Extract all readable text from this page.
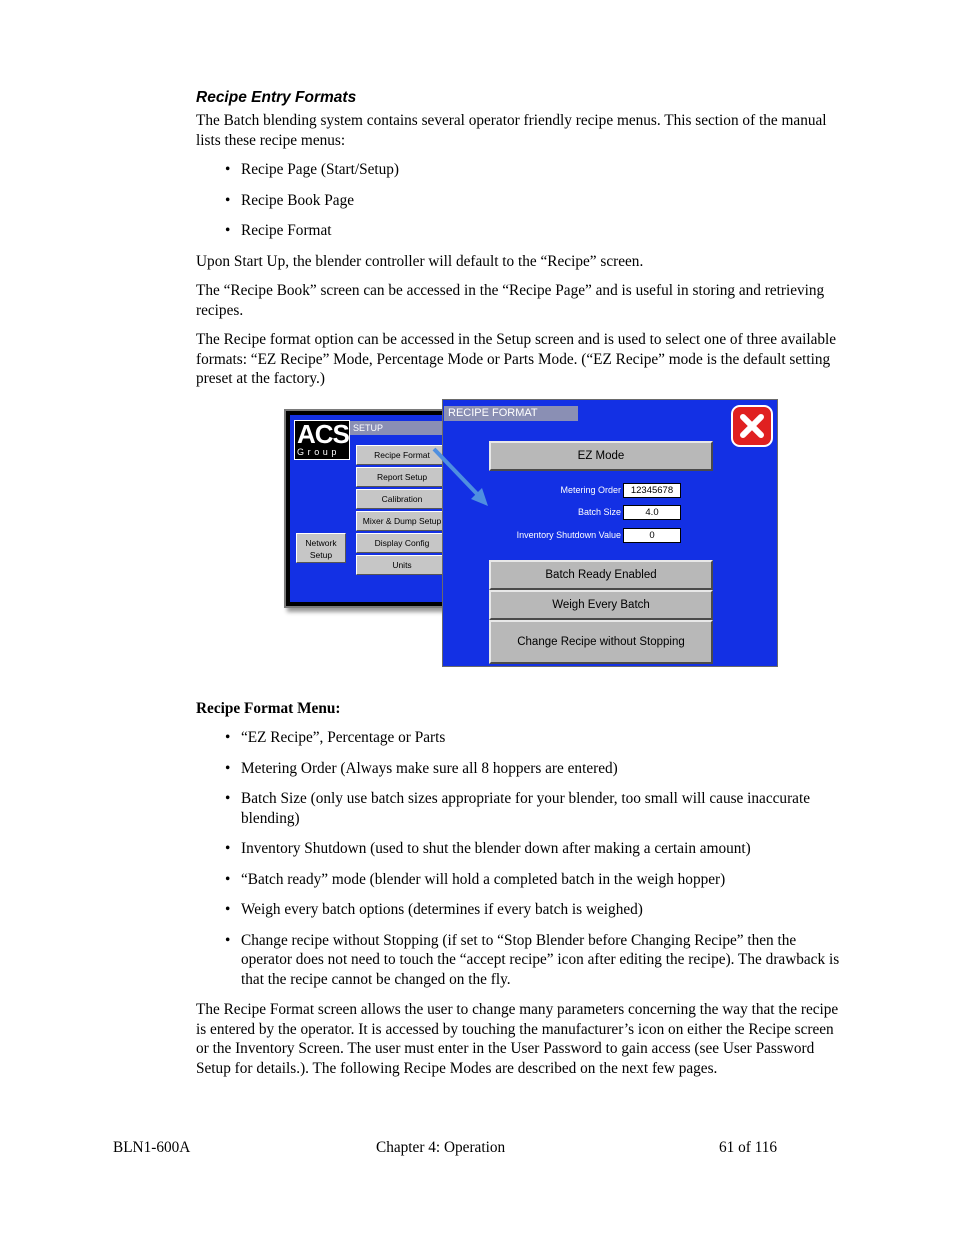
Recipe Entry Formats

The Batch blending system contains several operator friendly recipe menus. This section of the manual lists these recipe menus:

• Recipe Page (Start/Setup)
• Recipe Book Page
• Recipe Format

Upon Start Up, the blender controller will default to the “Recipe” screen.

The “Recipe Book” screen can be accessed in the “Recipe Page” and is useful in storing and retrieving recipes.

The Recipe format option can be accessed in the Setup screen and is used to select one of three available formats: “EZ Recipe” Mode, Percentage Mode or Parts Mode. (“EZ Recipe” mode is the default setting preset at the factory.)

ACS
Group
SETUP
Recipe Format
Report Setup
Calibration
Mixer & Dump Setup
Display Config
Units
Network Setup
RECIPE FORMAT
EZ Mode
Metering Order	12345678
Batch Size	4.0
Inventory Shutdown Value	0
Batch Ready Enabled
Weigh Every Batch
Change Recipe without Stopping

Recipe Format Menu:

• “EZ Recipe”, Percentage or Parts
• Metering Order (Always make sure all 8 hoppers are entered)
• Batch Size (only use batch sizes appropriate for your blender, too small will cause inaccurate blending)
• Inventory Shutdown (used to shut the blender down after making a certain amount)
• “Batch ready” mode (blender will hold a completed batch in the weigh hopper)
• Weigh every batch options (determines if every batch is weighed)
• Change recipe without Stopping (if set to “Stop Blender before Changing Recipe” then the operator does not need to touch the “accept recipe” icon after editing the recipe). The drawback is that the recipe cannot be changed on the fly.

The Recipe Format screen allows the user to change many parameters concerning the way that the recipe is entered by the operator. It is accessed by touching the manufacturer’s icon on either the Recipe screen or the Inventory Screen. The user must enter in the User Password to gain access (see User Password Setup for details.). The following Recipe Modes are described on the next few pages.

BLN1-600A	Chapter 4: Operation	61 of 116
